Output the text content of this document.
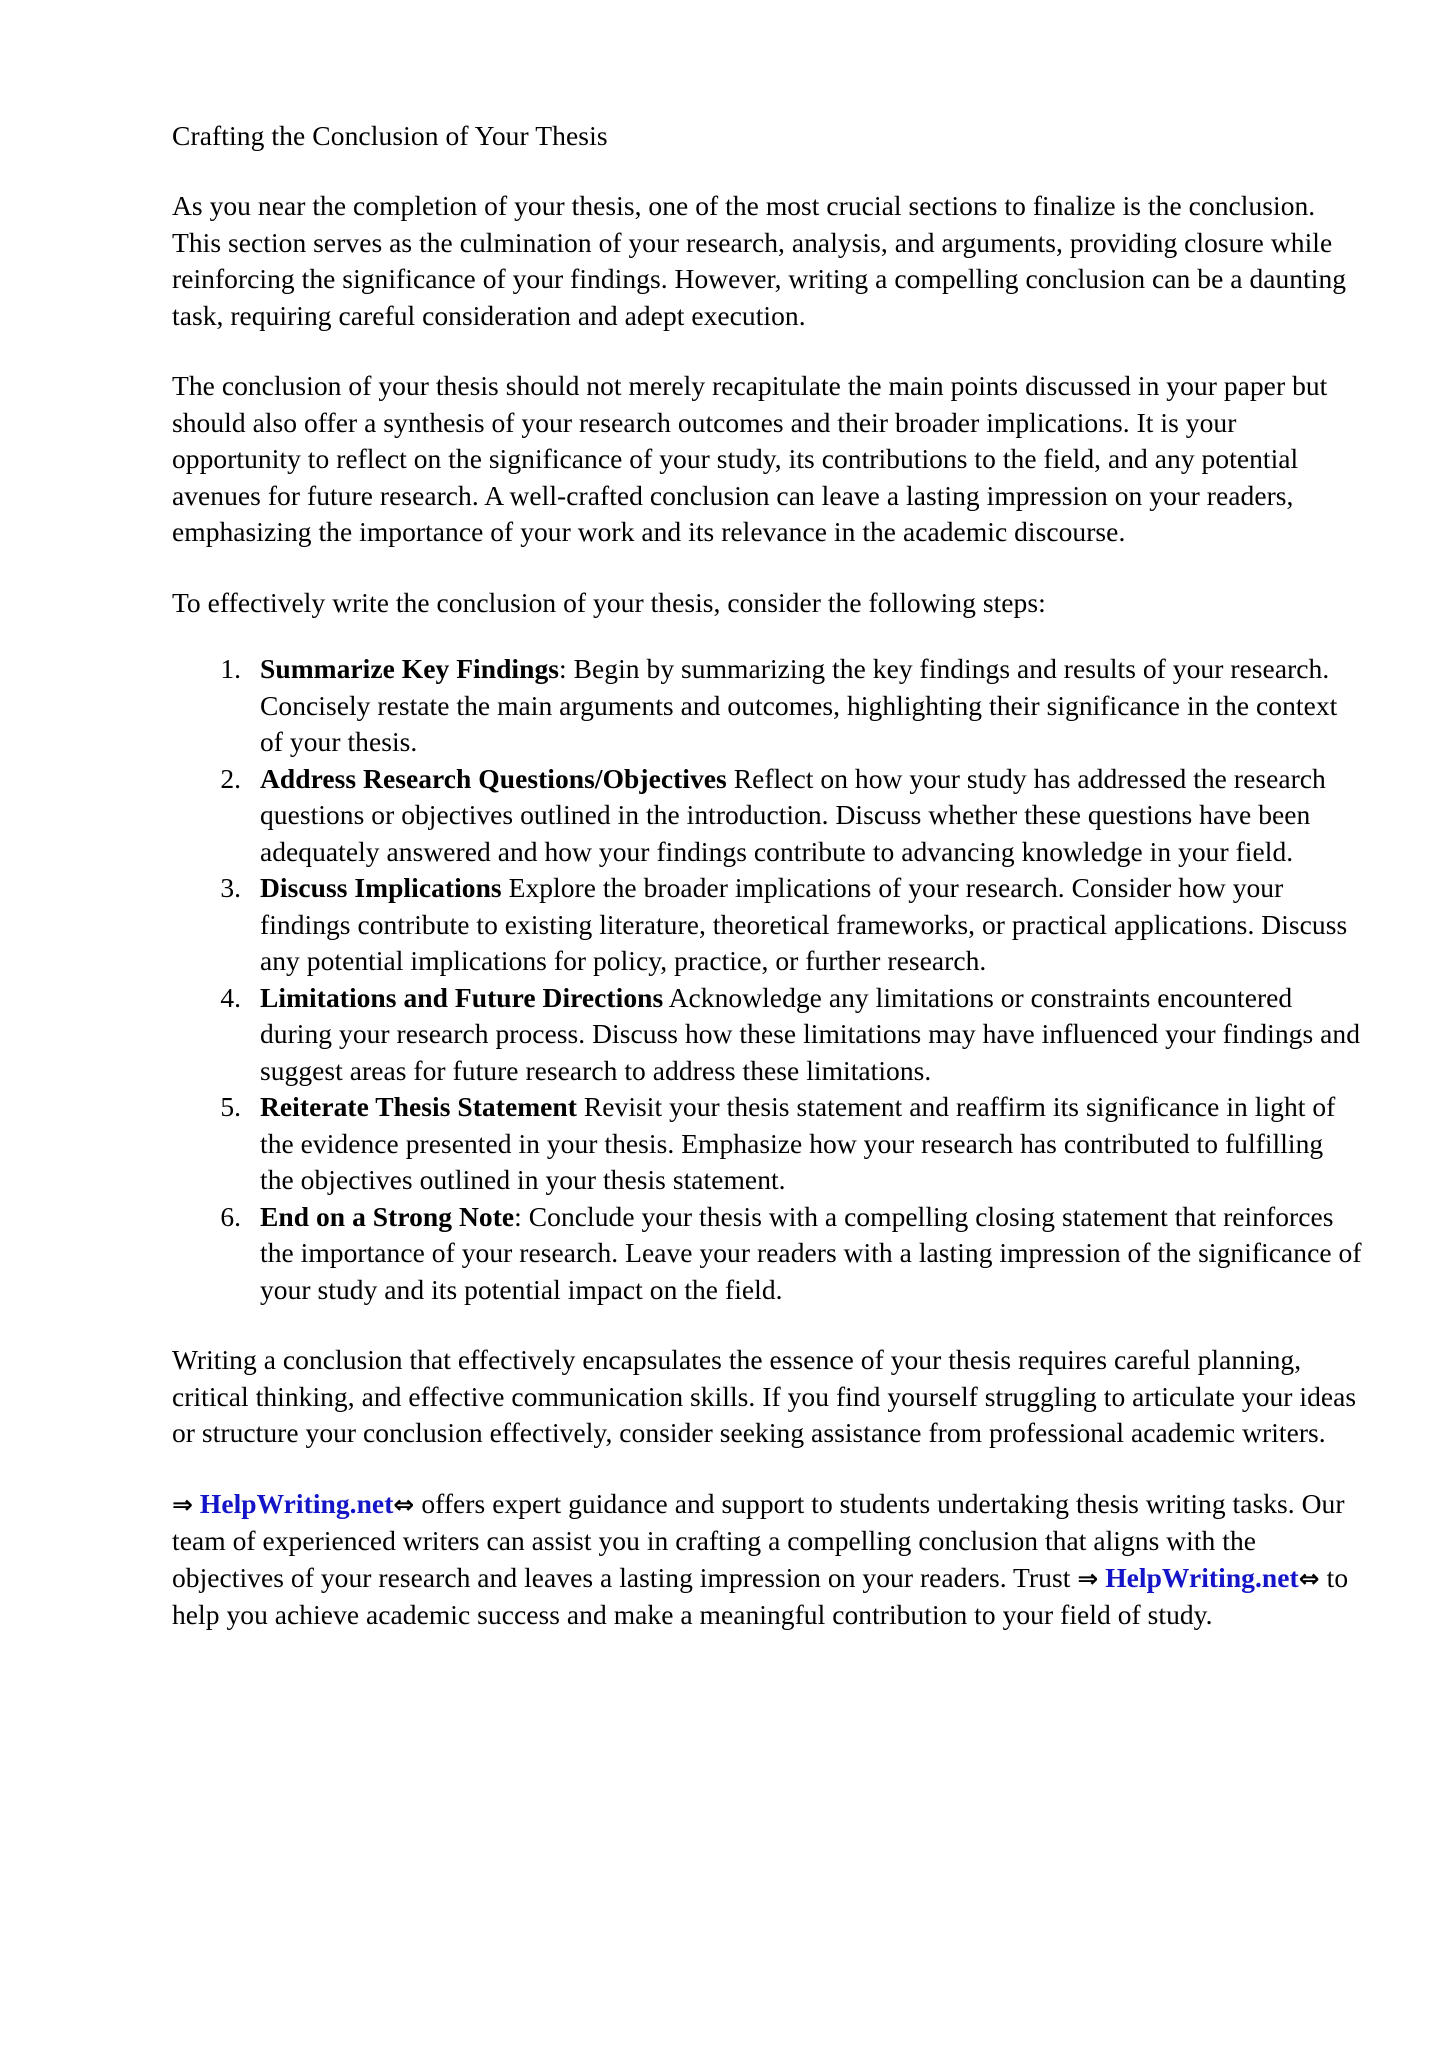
Crafting the Conclusion of Your Thesis

As you near the completion of your thesis, one of the most crucial sections to finalize is the conclusion. This section serves as the culmination of your research, analysis, and arguments, providing closure while reinforcing the significance of your findings. However, writing a compelling conclusion can be a daunting task, requiring careful consideration and adept execution.

The conclusion of your thesis should not merely recapitulate the main points discussed in your paper but should also offer a synthesis of your research outcomes and their broader implications. It is your opportunity to reflect on the significance of your study, its contributions to the field, and any potential avenues for future research. A well-crafted conclusion can leave a lasting impression on your readers, emphasizing the importance of your work and its relevance in the academic discourse.

To effectively write the conclusion of your thesis, consider the following steps:

1. Summarize Key Findings: Begin by summarizing the key findings and results of your research. Concisely restate the main arguments and outcomes, highlighting their significance in the context of your thesis.
2. Address Research Questions/Objectives Reflect on how your study has addressed the research questions or objectives outlined in the introduction. Discuss whether these questions have been adequately answered and how your findings contribute to advancing knowledge in your field.
3. Discuss Implications Explore the broader implications of your research. Consider how your findings contribute to existing literature, theoretical frameworks, or practical applications. Discuss any potential implications for policy, practice, or further research.
4. Limitations and Future Directions Acknowledge any limitations or constraints encountered during your research process. Discuss how these limitations may have influenced your findings and suggest areas for future research to address these limitations.
5. Reiterate Thesis Statement Revisit your thesis statement and reaffirm its significance in light of the evidence presented in your thesis. Emphasize how your research has contributed to fulfilling the objectives outlined in your thesis statement.
6. End on a Strong Note: Conclude your thesis with a compelling closing statement that reinforces the importance of your research. Leave your readers with a lasting impression of the significance of your study and its potential impact on the field.

Writing a conclusion that effectively encapsulates the essence of your thesis requires careful planning, critical thinking, and effective communication skills. If you find yourself struggling to articulate your ideas or structure your conclusion effectively, consider seeking assistance from professional academic writers.

⇒ HelpWriting.net⇔ offers expert guidance and support to students undertaking thesis writing tasks. Our team of experienced writers can assist you in crafting a compelling conclusion that aligns with the objectives of your research and leaves a lasting impression on your readers. Trust ⇒ HelpWriting.net⇔ to help you achieve academic success and make a meaningful contribution to your field of study.
